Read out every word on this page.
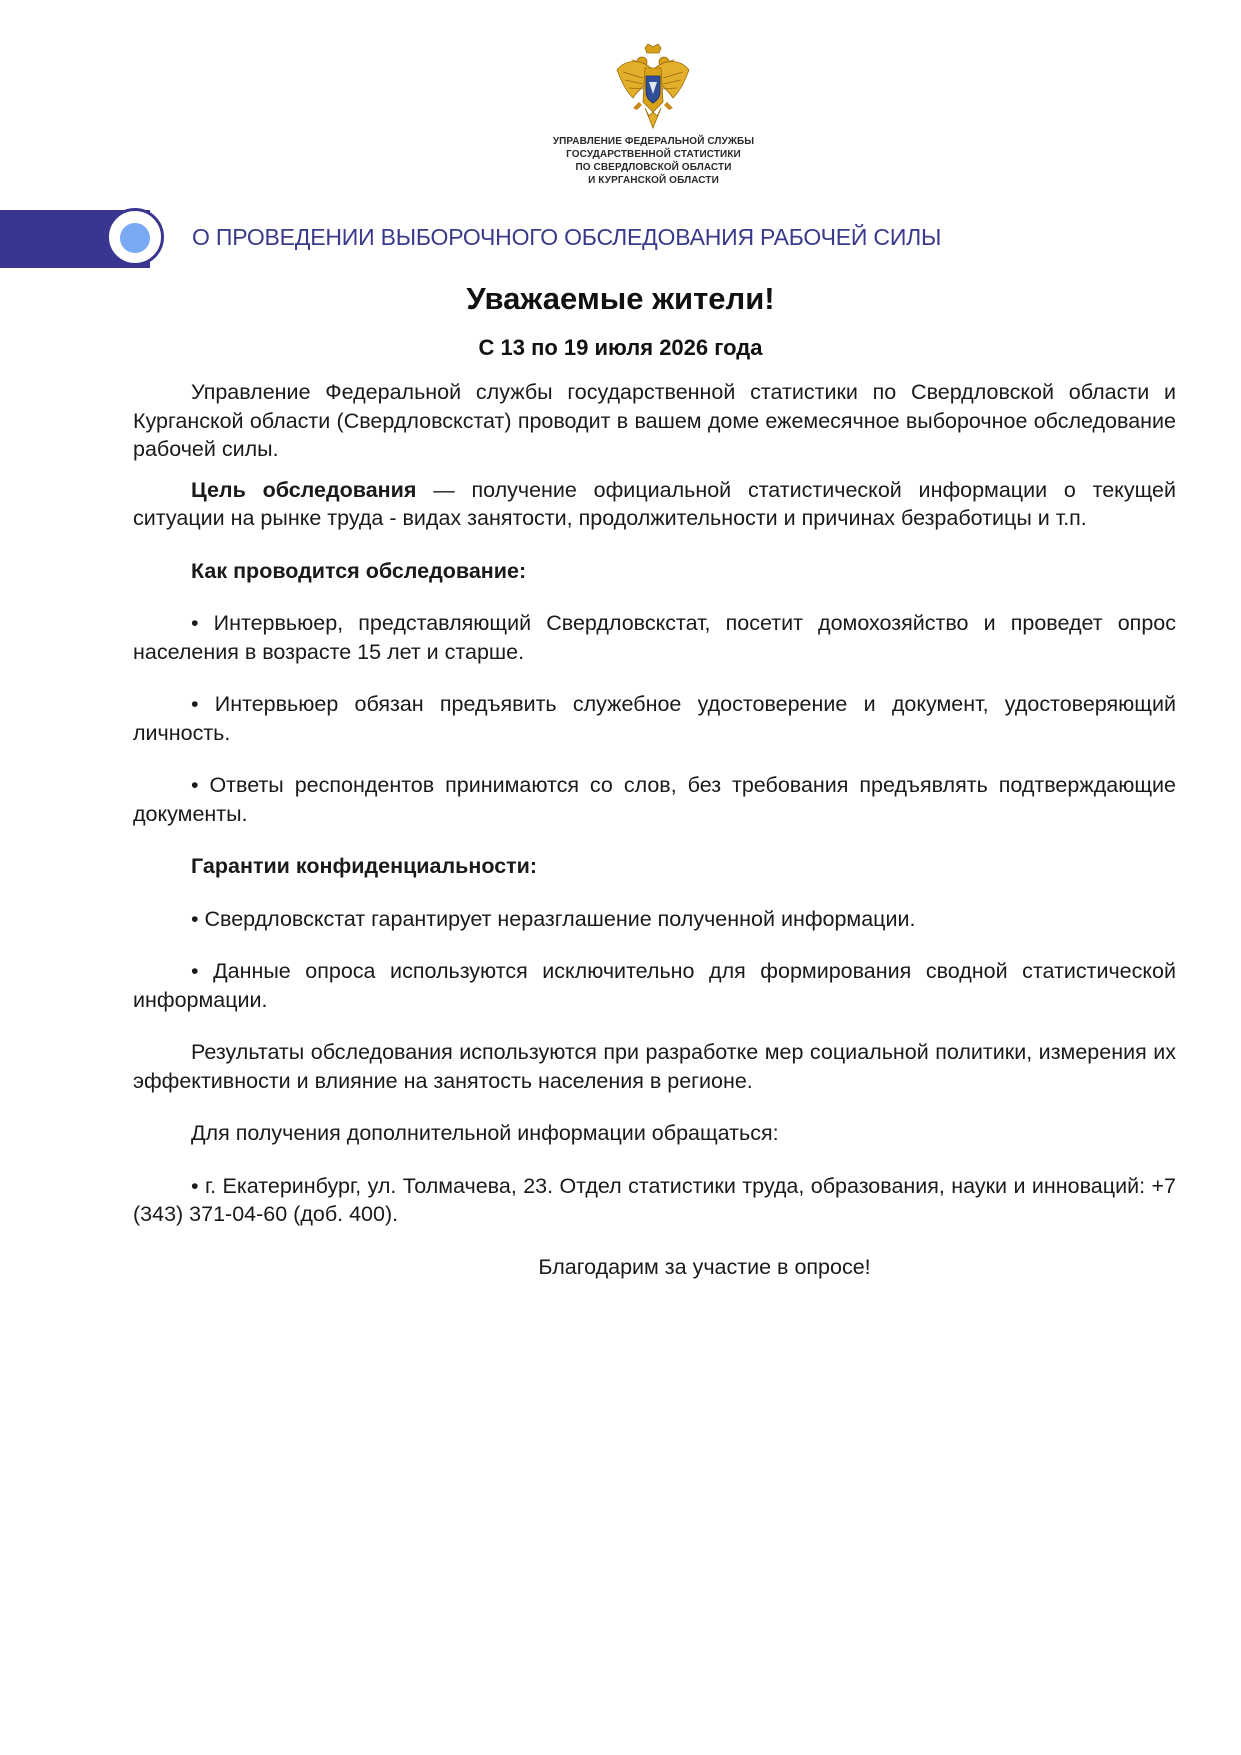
УПРАВЛЕНИЕ ФЕДЕРАЛЬНОЙ СЛУЖБЫ
ГОСУДАРСТВЕННОЙ СТАТИСТИКИ
ПО СВЕРДЛОВСКОЙ ОБЛАСТИ
И КУРГАНСКОЙ ОБЛАСТИ
О ПРОВЕДЕНИИ ВЫБОРОЧНОГО ОБСЛЕДОВАНИЯ РАБОЧЕЙ СИЛЫ
Уважаемые жители!
С 13 по 19 июля 2026 года

Управление Федеральной службы государственной статистики по Свердловской области и Курганской области (Свердловскстат) проводит в вашем доме ежемесячное выборочное обследование рабочей силы.

Цель обследования — получение официальной статистической информации о текущей ситуации на рынке труда - видах занятости, продолжительности и причинах безработицы и т.п.

Как проводится обследование:

• Интервьюер, представляющий Свердловскстат, посетит домохозяйство и проведет опрос населения в возрасте 15 лет и старше.

• Интервьюер обязан предъявить служебное удостоверение и документ, удостоверяющий личность.

• Ответы респондентов принимаются со слов, без требования предъявлять подтверждающие документы.

Гарантии конфиденциальности:

• Свердловскстат гарантирует неразглашение полученной информации.

• Данные опроса используются исключительно для формирования сводной статистической информации.

Результаты обследования используются при разработке мер социальной политики, измерения их эффективности и влияние на занятость населения в регионе.

Для получения дополнительной информации обращаться:

• г. Екатеринбург, ул. Толмачева, 23. Отдел статистики труда, образования, науки и инноваций: +7 (343) 371-04-60 (доб. 400).

Благодарим за участие в опросе!
